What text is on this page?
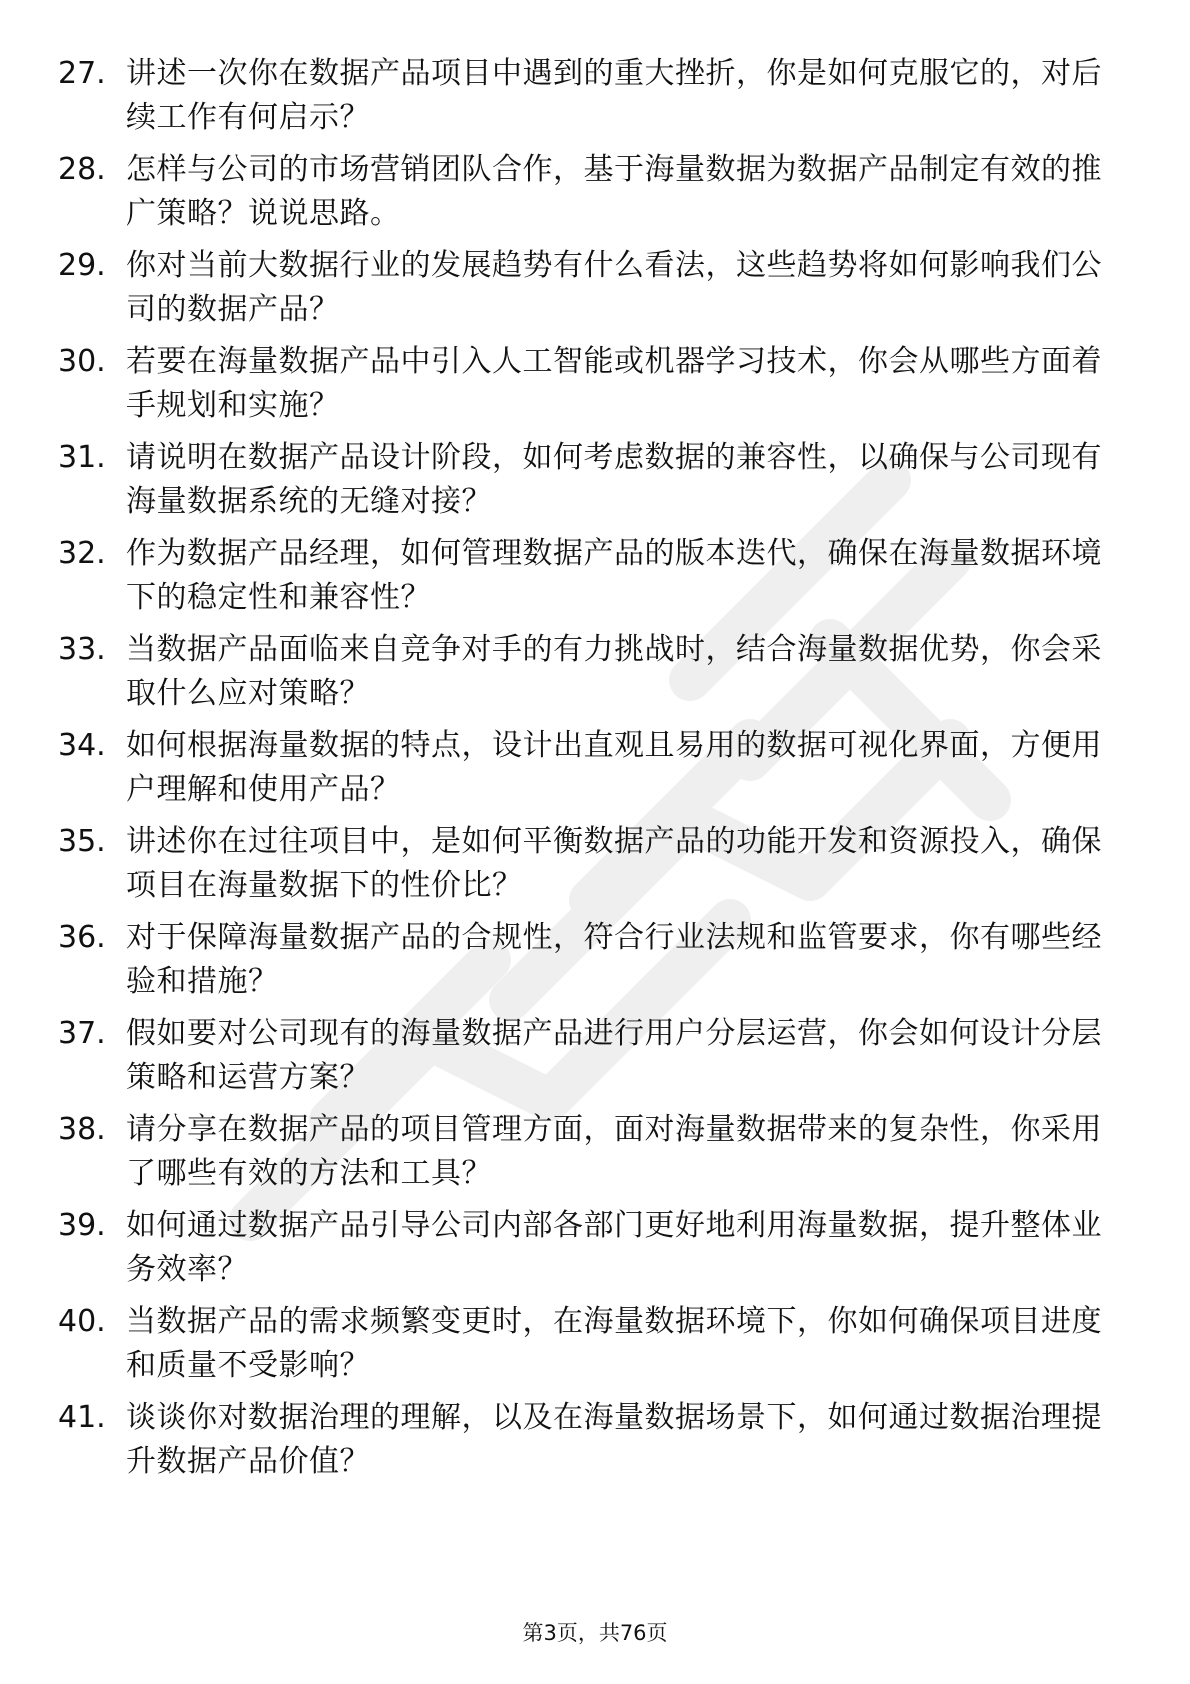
27. 讲述一次你在数据产品项目中遇到的重大挫折，你是如何克服它的，对后续工作有何启示？
28. 怎样与公司的市场营销团队合作，基于海量数据为数据产品制定有效的推广策略？说说思路。
29. 你对当前大数据行业的发展趋势有什么看法，这些趋势将如何影响我们公司的数据产品？
30. 若要在海量数据产品中引入人工智能或机器学习技术，你会从哪些方面着手规划和实施？
31. 请说明在数据产品设计阶段，如何考虑数据的兼容性，以确保与公司现有海量数据系统的无缝对接？
32. 作为数据产品经理，如何管理数据产品的版本迭代，确保在海量数据环境下的稳定性和兼容性？
33. 当数据产品面临来自竞争对手的有力挑战时，结合海量数据优势，你会采取什么应对策略？
34. 如何根据海量数据的特点，设计出直观且易用的数据可视化界面，方便用户理解和使用产品？
35. 讲述你在过往项目中，是如何平衡数据产品的功能开发和资源投入，确保项目在海量数据下的性价比？
36. 对于保障海量数据产品的合规性，符合行业法规和监管要求，你有哪些经验和措施？
37. 假如要对公司现有的海量数据产品进行用户分层运营，你会如何设计分层策略和运营方案？
38. 请分享在数据产品的项目管理方面，面对海量数据带来的复杂性，你采用了哪些有效的方法和工具？
39. 如何通过数据产品引导公司内部各部门更好地利用海量数据，提升整体业务效率？
40. 当数据产品的需求频繁变更时，在海量数据环境下，你如何确保项目进度和质量不受影响？
41. 谈谈你对数据治理的理解，以及在海量数据场景下，如何通过数据治理提升数据产品价值？
第3页，共76页
